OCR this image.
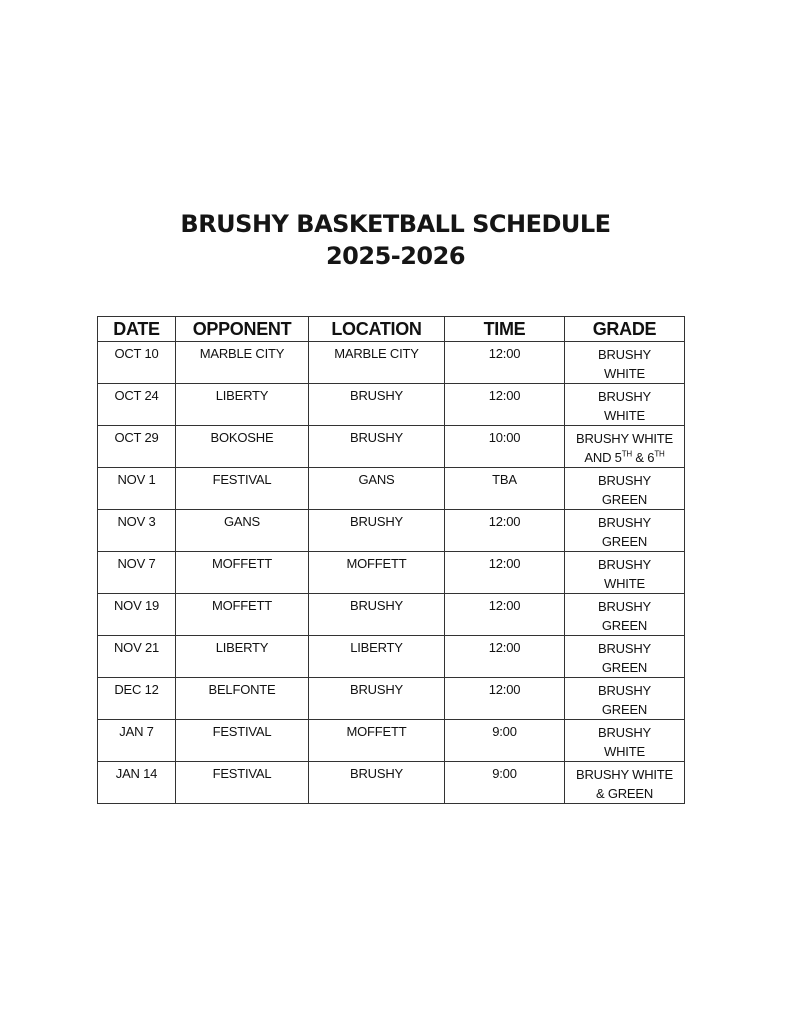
BRUSHY BASKETBALL SCHEDULE
2025-2026
DATE	OPPONENT	LOCATION	TIME	GRADE
OCT 10	MARBLE CITY	MARBLE CITY	12:00	BRUSHY
WHITE

OCT 24	LIBERTY	BRUSHY	12:00	BRUSHY
WHITE

OCT 29	BOKOSHE	BRUSHY	10:00	BRUSHY WHITE
AND 5TH & 6TH

NOV 1	FESTIVAL	GANS	TBA	BRUSHY
GREEN

NOV 3	GANS	BRUSHY	12:00	BRUSHY
GREEN

NOV 7	MOFFETT	MOFFETT	12:00	BRUSHY
WHITE

NOV 19	MOFFETT	BRUSHY	12:00	BRUSHY
GREEN

NOV 21	LIBERTY	LIBERTY	12:00	BRUSHY
GREEN

DEC 12	BELFONTE	BRUSHY	12:00	BRUSHY
GREEN

JAN 7	FESTIVAL	MOFFETT	9:00	BRUSHY
WHITE

JAN 14	FESTIVAL	BRUSHY	9:00	BRUSHY WHITE
& GREEN
